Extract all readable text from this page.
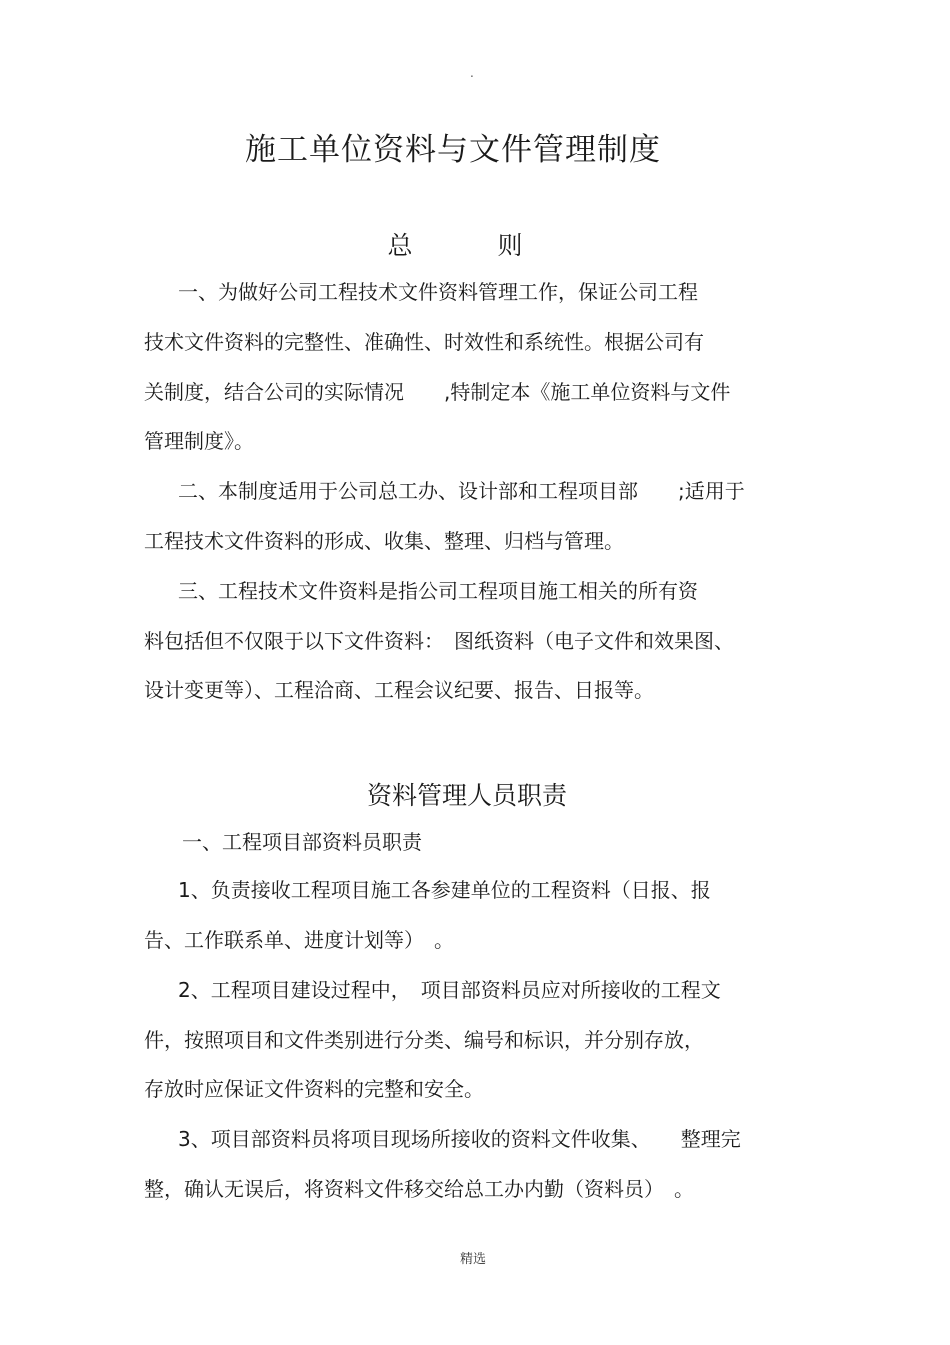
.
施工单位资料与文件管理制度
总　则
一、为做好公司工程技术文件资料管理工作，保证公司工程
技术文件资料的完整性、准确性、时效性和系统性。根据公司有
关制度，结合公司的实际情况　　,特制定本《施工单位资料与文件
管理制度》。
二、本制度适用于公司总工办、设计部和工程项目部　　;适用于
工程技术文件资料的形成、收集、整理、归档与管理。
三、工程技术文件资料是指公司工程项目施工相关的所有资
料包括但不仅限于以下文件资料：　图纸资料（电子文件和效果图、
设计变更等）、工程洽商、工程会议纪要、报告、日报等。
资料管理人员职责
一、工程项目部资料员职责
1、负责接收工程项目施工各参建单位的工程资料（日报、报
告、工作联系单、进度计划等）　。
2、工程项目建设过程中，　项目部资料员应对所接收的工程文
件，按照项目和文件类别进行分类、编号和标识，并分别存放，
存放时应保证文件资料的完整和安全。
3、项目部资料员将项目现场所接收的资料文件收集、　　整理完
整，确认无误后，将资料文件移交给总工办内勤（资料员）　。
精选
